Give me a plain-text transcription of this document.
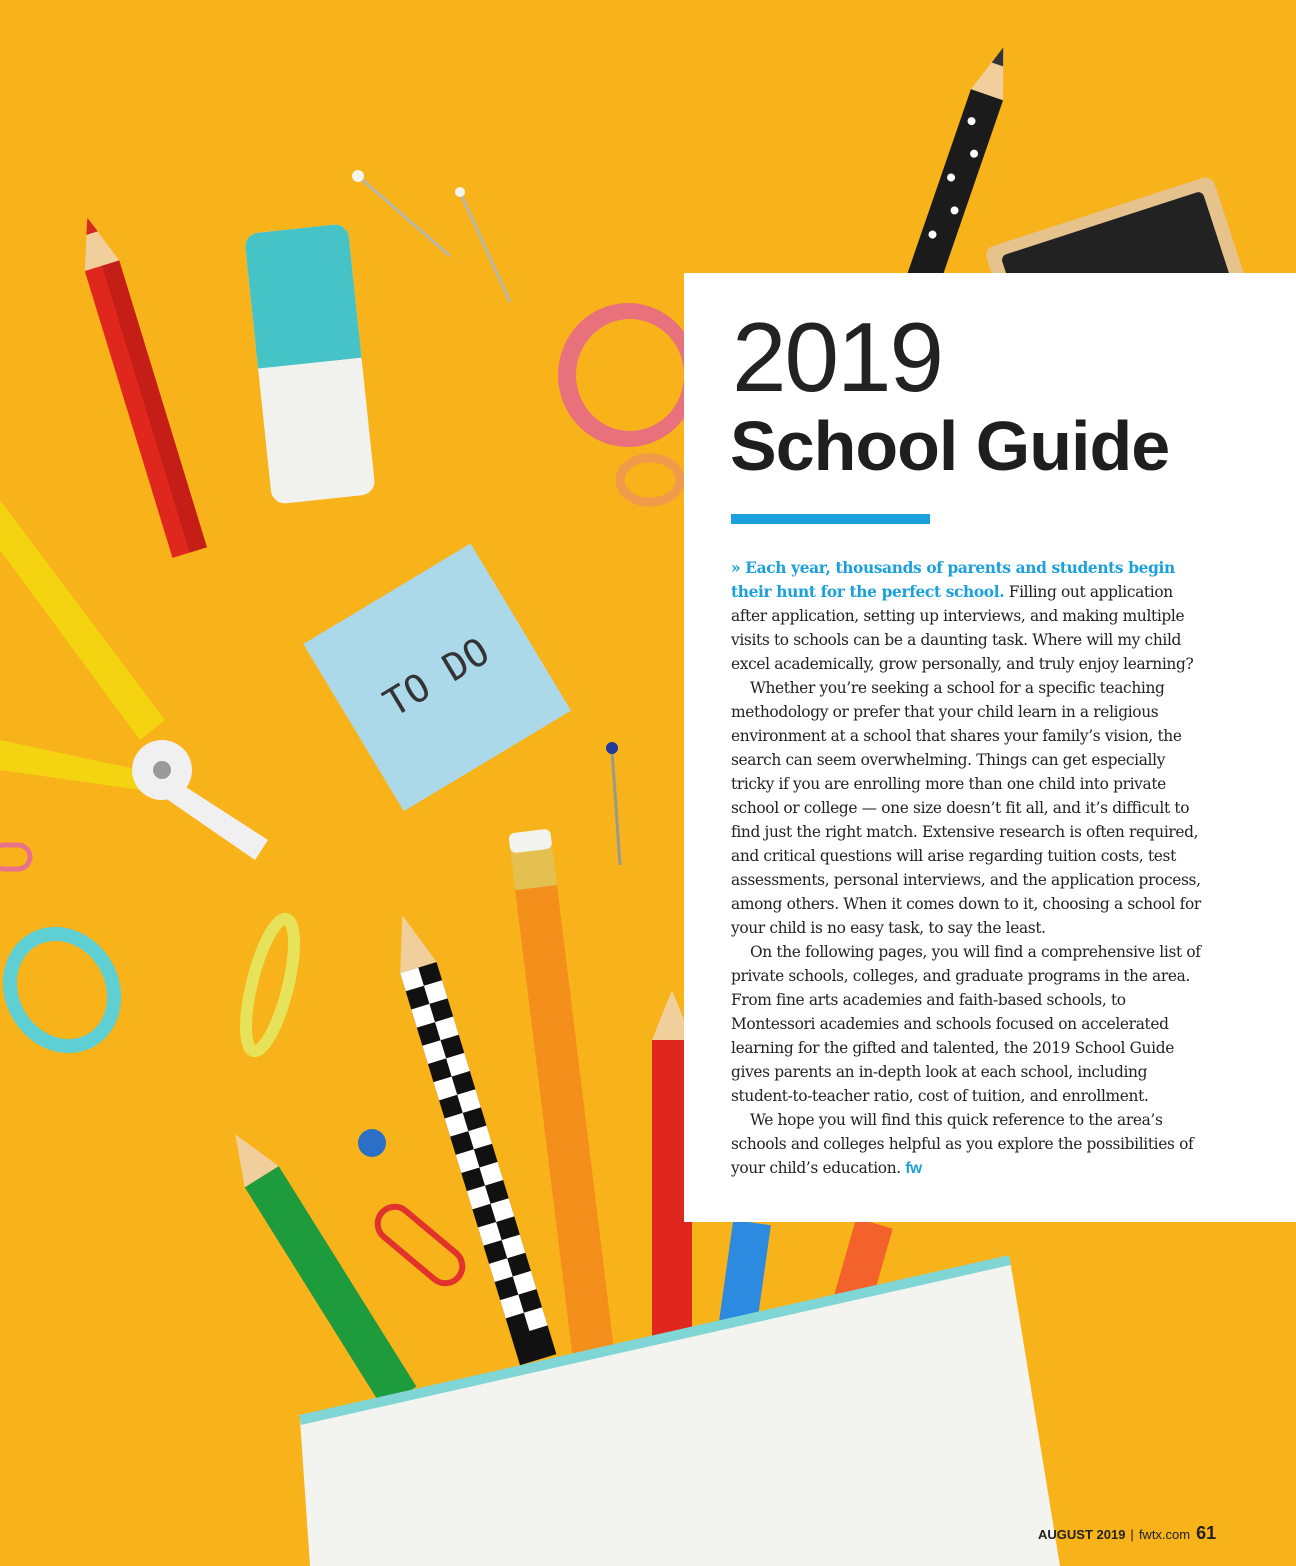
TO DO
2019
School Guide

» Each year, thousands of parents and students begin their hunt for the perfect school. Filling out application after application, setting up interviews, and making multiple visits to schools can be a daunting task. Where will my child excel academically, grow personally, and truly enjoy learning?

Whether you’re seeking a school for a specific teaching methodology or prefer that your child learn in a religious environment at a school that shares your family’s vision, the search can seem overwhelming. Things can get especially tricky if you are enrolling more than one child into private school or college — one size doesn’t fit all, and it’s difficult to find just the right match. Extensive research is often required, and critical questions will arise regarding tuition costs, test assessments, personal interviews, and the application process, among others. When it comes down to it, choosing a school for your child is no easy task, to say the least.

On the following pages, you will find a comprehensive list of private schools, colleges, and graduate programs in the area. From fine arts academies and faith-based schools, to Montessori academies and schools focused on accelerated learning for the gifted and talented, the 2019 School Guide gives parents an in-depth look at each school, including student-to-teacher ratio, cost of tuition, and enrollment.

We hope you will find this quick reference to the area’s schools and colleges helpful as you explore the possibilities of your child’s education. fw

AUGUST 2019 | fwtx.com 61
